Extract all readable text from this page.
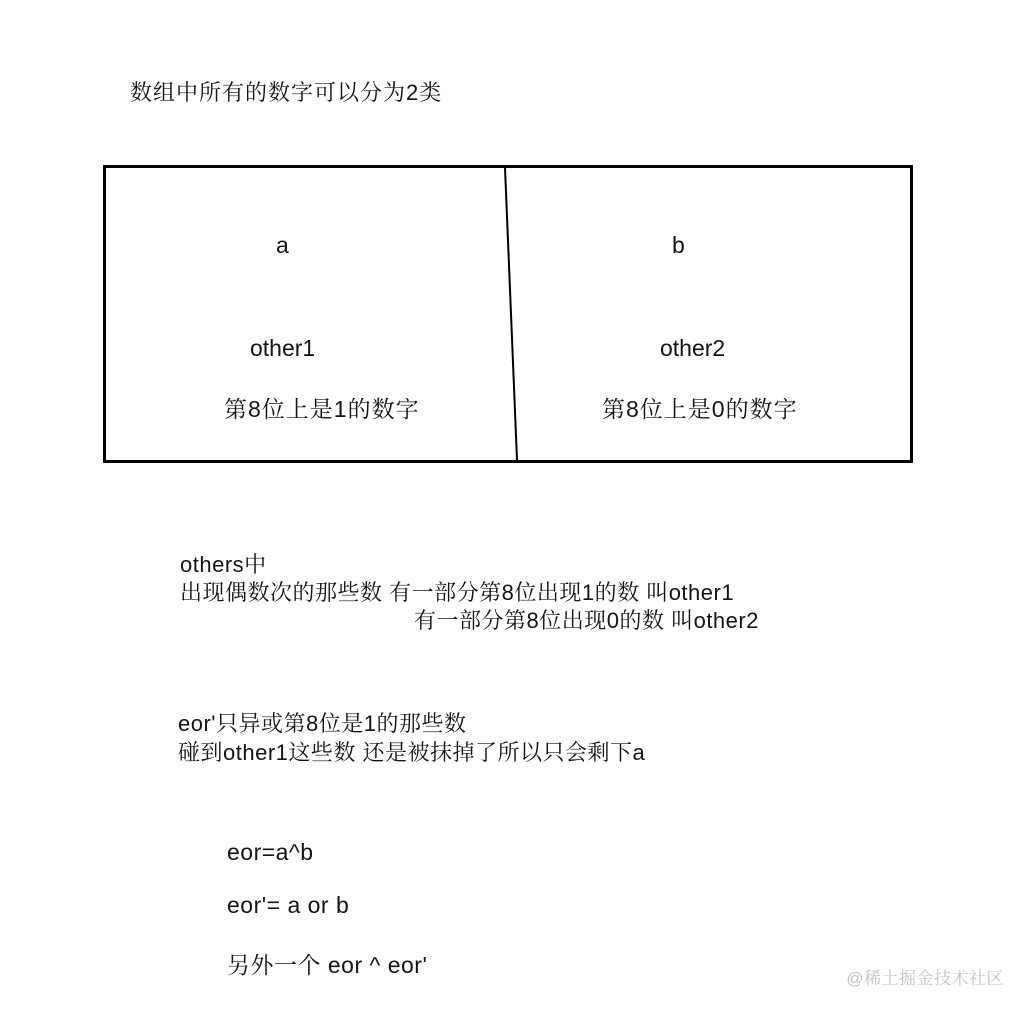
数组中所有的数字可以分为2类

a
other1
第8位上是1的数字
b
other2
第8位上是0的数字
others中
出现偶数次的那些数 有一部分第8位出现1的数 叫other1
有一部分第8位出现0的数 叫other2
eor'只异或第8位是1的那些数
碰到other1这些数 还是被抹掉了所以只会剩下a
eor=a^b
eor'= a or b
另外一个 eor ^ eor'
@稀土掘金技术社区
